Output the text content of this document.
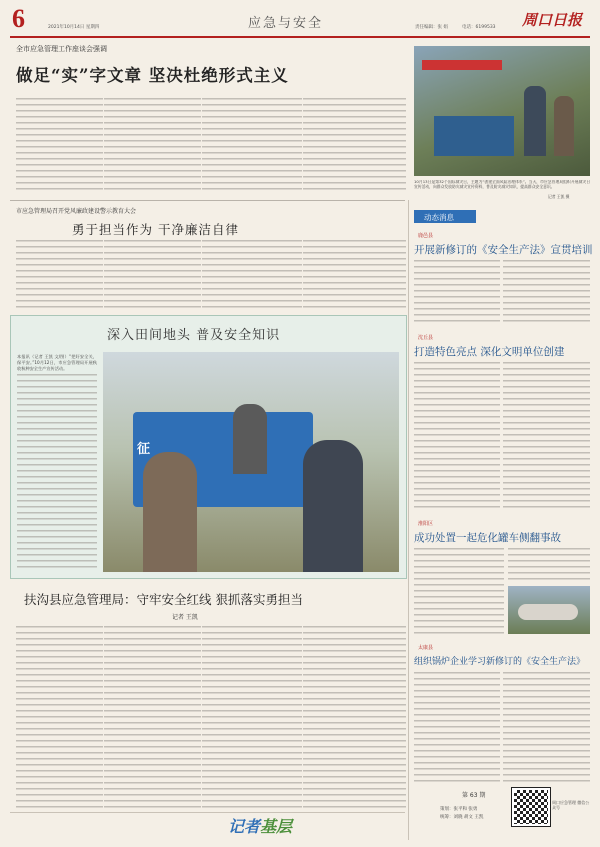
6	2021年10月14日 星期四	应急与安全	责任编辑：张 娟	电话：6199533 周口日报
全市应急管理工作座谈会强调
做足“实”字文章 坚决杜绝形式主义
10月13日是第32个国际减灾日，主题为“创建全面风险治理体系”。当天，市应急管理局组织开展减灾日宣传活动，向群众发放防灾减灾宣传资料，普及防灾减灾知识，提高群众安全意识。
记者 王凯 摄
市应急管理局召开党风廉政建设警示教育大会
勇于担当作为 干净廉洁自律
深入田间地头 普及安全知识
本报讯（记者 王凯 文/图）“把好安全关，保平安。”10月12日，市应急管理局开展秋收秋种安全生产宣传活动。
征
扶沟县应急管理局：守牢安全红线 狠抓落实勇担当
记者 王凯
记者基层
动态消息
鹿邑县
开展新修订的《安全生产法》宣贯培训
沈丘县
打造特色亮点 深化文明单位创建
淮阳区
成功处置一起危化罐车侧翻事故
太康县
组织锅炉企业学习新修订的《安全生产法》
第 63 期
策划：张平和 张勇
统筹：刘晓 胡文 王凯
周口应急管理 微信公众号
